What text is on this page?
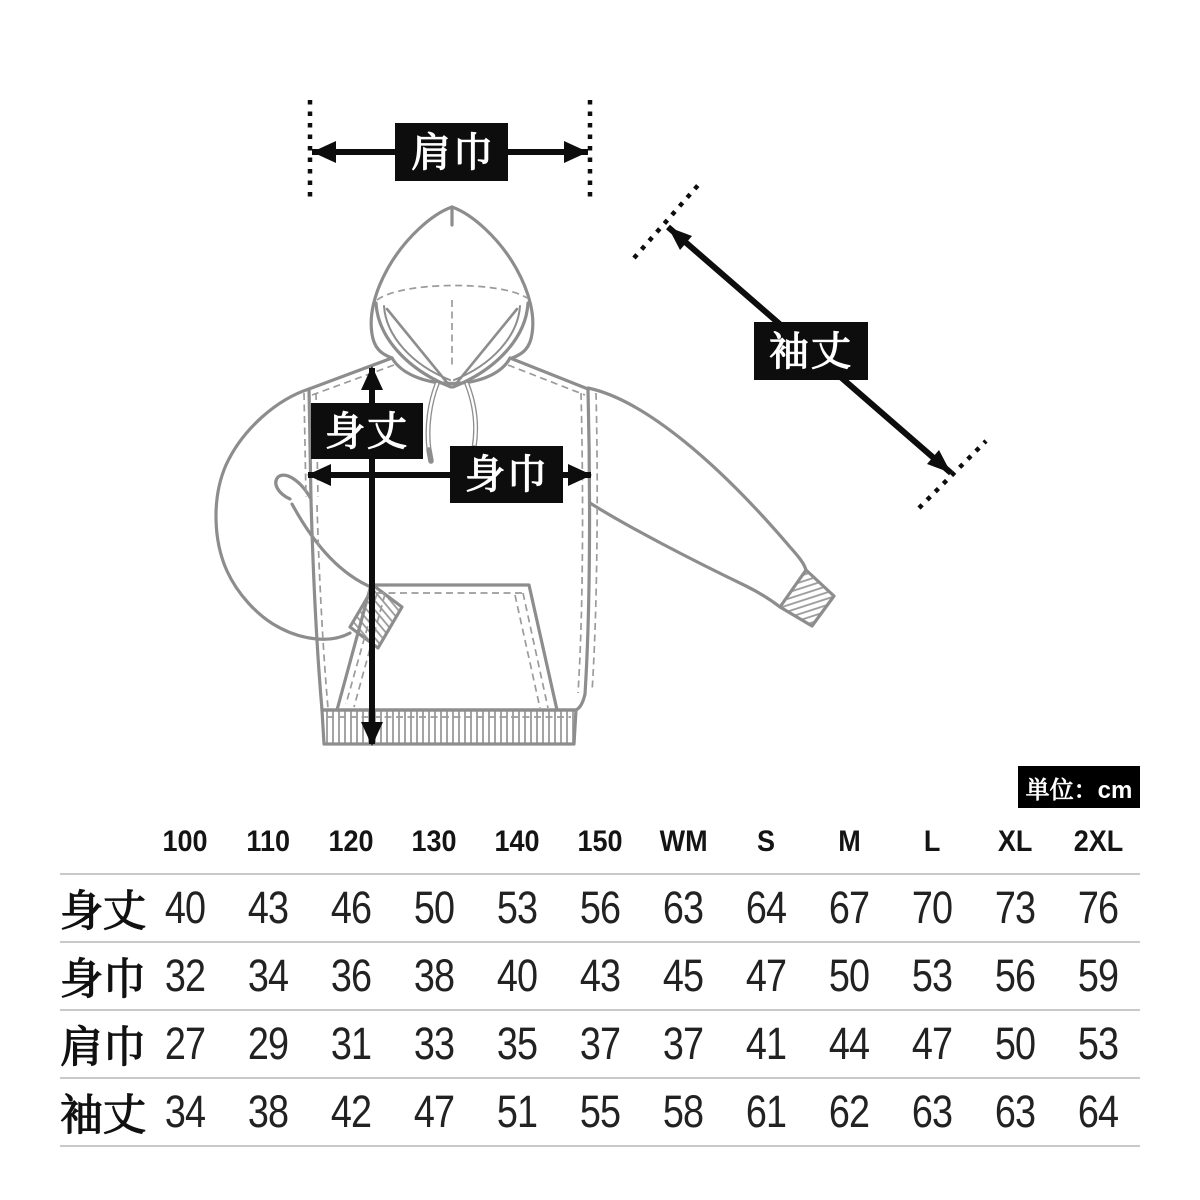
肩巾
袖丈
身丈
身巾
単位：cm
100 110 120 130 140 150 WM S M L XL 2XL
身丈 40 43 46 50 53 56 63 64 67 70 73 76
身巾 32 34 36 38 40 43 45 47 50 53 56 59
肩巾 27 29 31 33 35 37 37 41 44 47 50 53
袖丈 34 38 42 47 51 55 58 61 62 63 63 64
